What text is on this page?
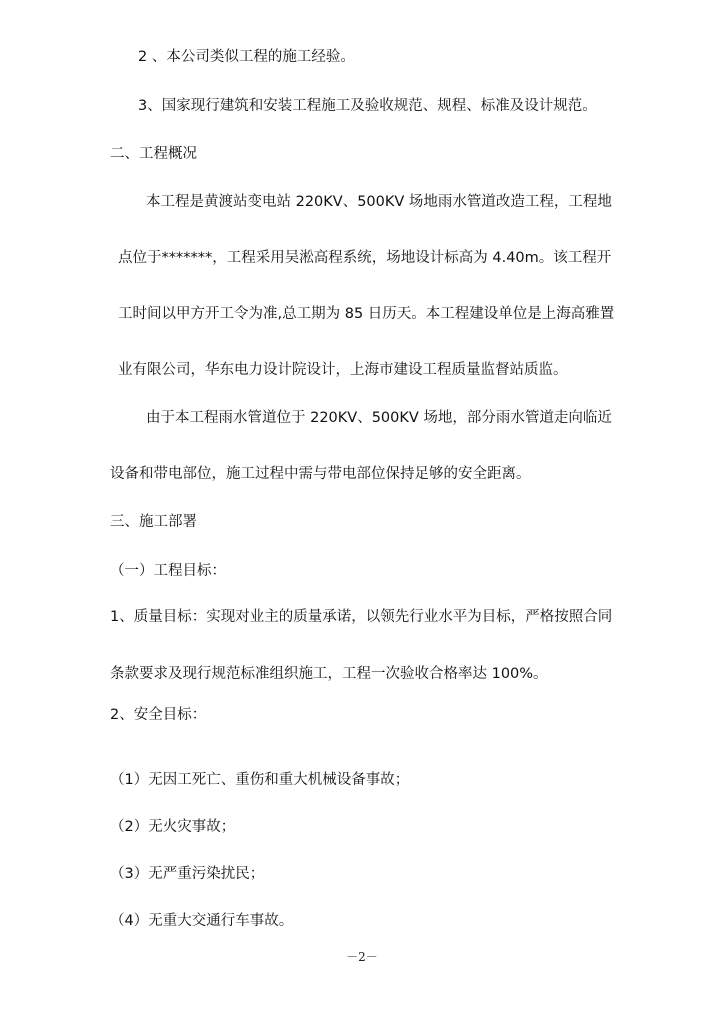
2 、本公司类似工程的施工经验。
3、国家现行建筑和安装工程施工及验收规范、规程、标准及设计规范。
二、工程概况
本工程是黄渡站变电站 220KV、500KV 场地雨水管道改造工程，工程地
点位于*******，工程采用吴淞高程系统，场地设计标高为 4.40m。该工程开
工时间以甲方开工令为准,总工期为 85 日历天。本工程建设单位是上海高雅置
业有限公司，华东电力设计院设计，上海市建设工程质量监督站质监。
由于本工程雨水管道位于 220KV、500KV 场地，部分雨水管道走向临近
设备和带电部位，施工过程中需与带电部位保持足够的安全距离。
三、施工部署
（一）工程目标：
1、质量目标：实现对业主的质量承诺，以领先行业水平为目标，严格按照合同
条款要求及现行规范标准组织施工，工程一次验收合格率达 100%。
2、安全目标：
（1）无因工死亡、重伤和重大机械设备事故；
（2）无火灾事故；
（3）无严重污染扰民；
（4）无重大交通行车事故。
－2－
